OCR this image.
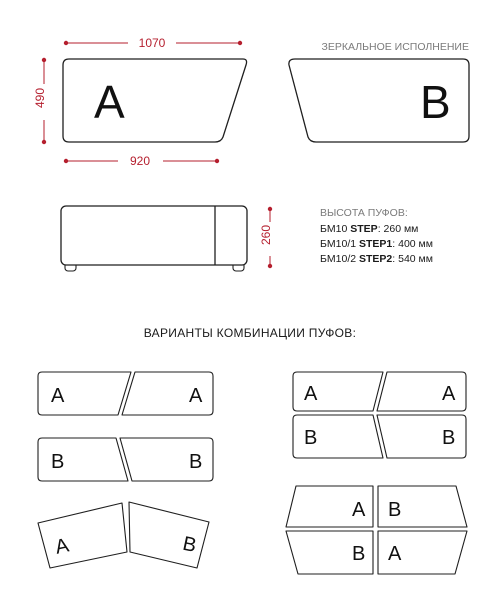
1070
490 A
920
ЗЕРКАЛЬНОЕ ИСПОЛНЕНИЕ
B
260
ВЫСОТА ПУФОВ:
БМ10 STEP: 260 мм
БМ10/1 STEP1: 400 мм
БМ10/2 STEP2: 540 мм
ВАРИАНТЫ КОМБИНАЦИИ ПУФОВ:
A	A
B	B
A	B
A	A
B	B
A B
B A
